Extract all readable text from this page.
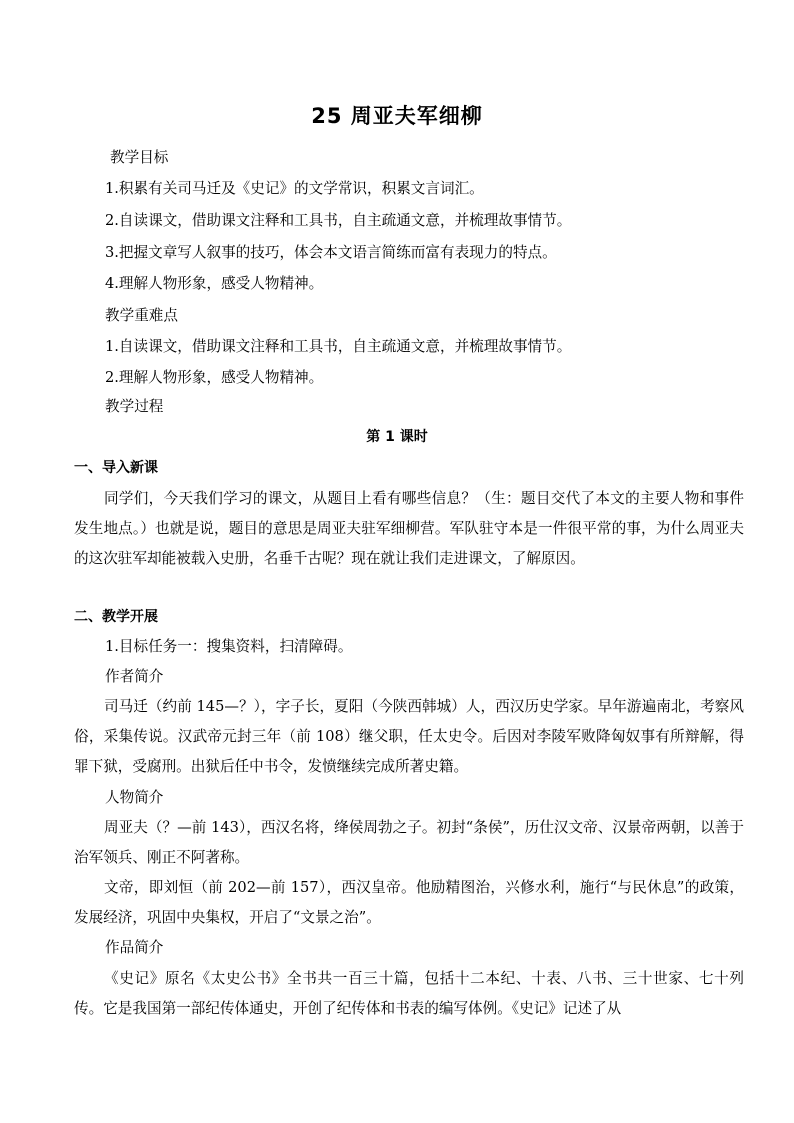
25 周亚夫军细柳
教学目标
1.积累有关司马迁及《史记》的文学常识，积累文言词汇。
2.自读课文，借助课文注释和工具书，自主疏通文意，并梳理故事情节。
3.把握文章写人叙事的技巧，体会本文语言简练而富有表现力的特点。
4.理解人物形象，感受人物精神。
教学重难点
1.自读课文，借助课文注释和工具书，自主疏通文意，并梳理故事情节。
2.理解人物形象，感受人物精神。
教学过程
第 1 课时
一、导入新课
同学们，今天我们学习的课文，从题目上看有哪些信息？（生：题目交代了本文的主要人物和事件发生地点。）也就是说，题目的意思是周亚夫驻军细柳营。军队驻守本是一件很平常的事，为什么周亚夫的这次驻军却能被载入史册，名垂千古呢？现在就让我们走进课文，了解原因。
二、教学开展
1.目标任务一：搜集资料，扫清障碍。
作者简介
司马迁（约前 145—？），字子长，夏阳（今陕西韩城）人，西汉历史学家。早年游遍南北，考察风俗，采集传说。汉武帝元封三年（前 108）继父职，任太史令。后因对李陵军败降匈奴事有所辩解，得罪下狱，受腐刑。出狱后任中书令，发愤继续完成所著史籍。
人物简介
周亚夫（？—前 143），西汉名将，绛侯周勃之子。初封“条侯”，历仕汉文帝、汉景帝两朝，以善于治军领兵、刚正不阿著称。
文帝，即刘恒（前 202—前 157），西汉皇帝。他励精图治，兴修水利，施行“与民休息”的政策，发展经济，巩固中央集权，开启了“文景之治”。
作品简介
《史记》原名《太史公书》全书共一百三十篇，包括十二本纪、十表、八书、三十世家、七十列传。它是我国第一部纪传体通史，开创了纪传体和书表的编写体例。《史记》记述了从
